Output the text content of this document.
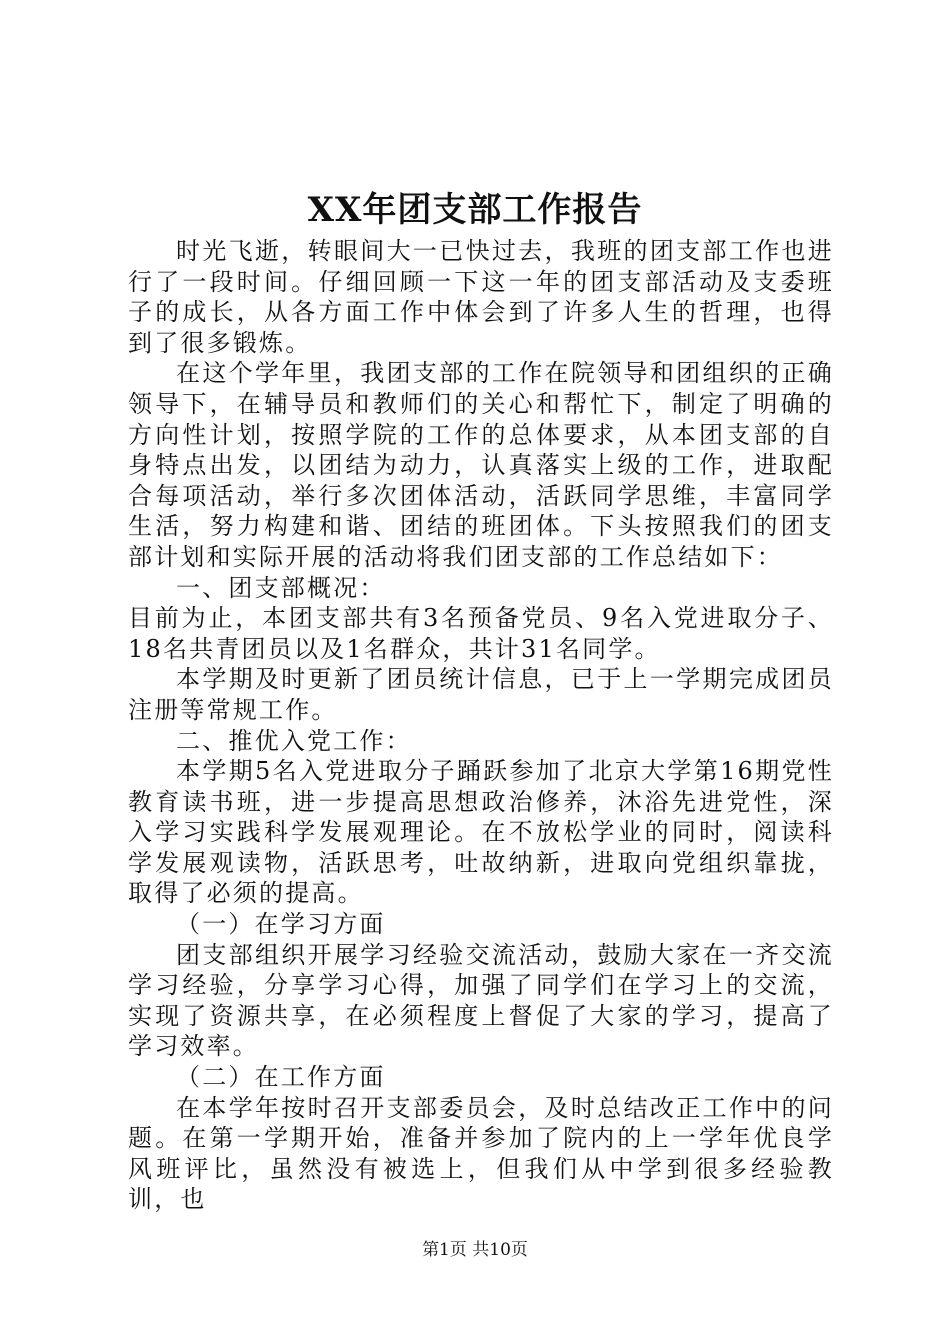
XX年团支部工作报告

时光飞逝，转眼间大一已快过去，我班的团支部工作也进行了一段时间。仔细回顾一下这一年的团支部活动及支委班子的成长，从各方面工作中体会到了许多人生的哲理，也得到了很多锻炼。

在这个学年里，我团支部的工作在院领导和团组织的正确领导下，在辅导员和教师们的关心和帮忙下，制定了明确的方向性计划，按照学院的工作的总体要求，从本团支部的自身特点出发，以团结为动力，认真落实上级的工作，进取配合每项活动，举行多次团体活动，活跃同学思维，丰富同学生活，努力构建和谐、团结的班团体。下头按照我们的团支部计划和实际开展的活动将我们团支部的工作总结如下：

一、团支部概况：

目前为止，本团支部共有3名预备党员、9名入党进取分子、18名共青团员以及1名群众，共计31名同学。

本学期及时更新了团员统计信息，已于上一学期完成团员注册等常规工作。

二、推优入党工作：

本学期5名入党进取分子踊跃参加了北京大学第16期党性教育读书班，进一步提高思想政治修养，沐浴先进党性，深入学习实践科学发展观理论。在不放松学业的同时，阅读科学发展观读物，活跃思考，吐故纳新，进取向党组织靠拢，取得了必须的提高。

（一）在学习方面

团支部组织开展学习经验交流活动，鼓励大家在一齐交流学习经验，分享学习心得，加强了同学们在学习上的交流，实现了资源共享，在必须程度上督促了大家的学习，提高了学习效率。

（二）在工作方面

在本学年按时召开支部委员会，及时总结改正工作中的问题。在第一学期开始，准备并参加了院内的上一学年优良学风班评比，虽然没有被选上，但我们从中学到很多经验教训，也

第1页 共10页
